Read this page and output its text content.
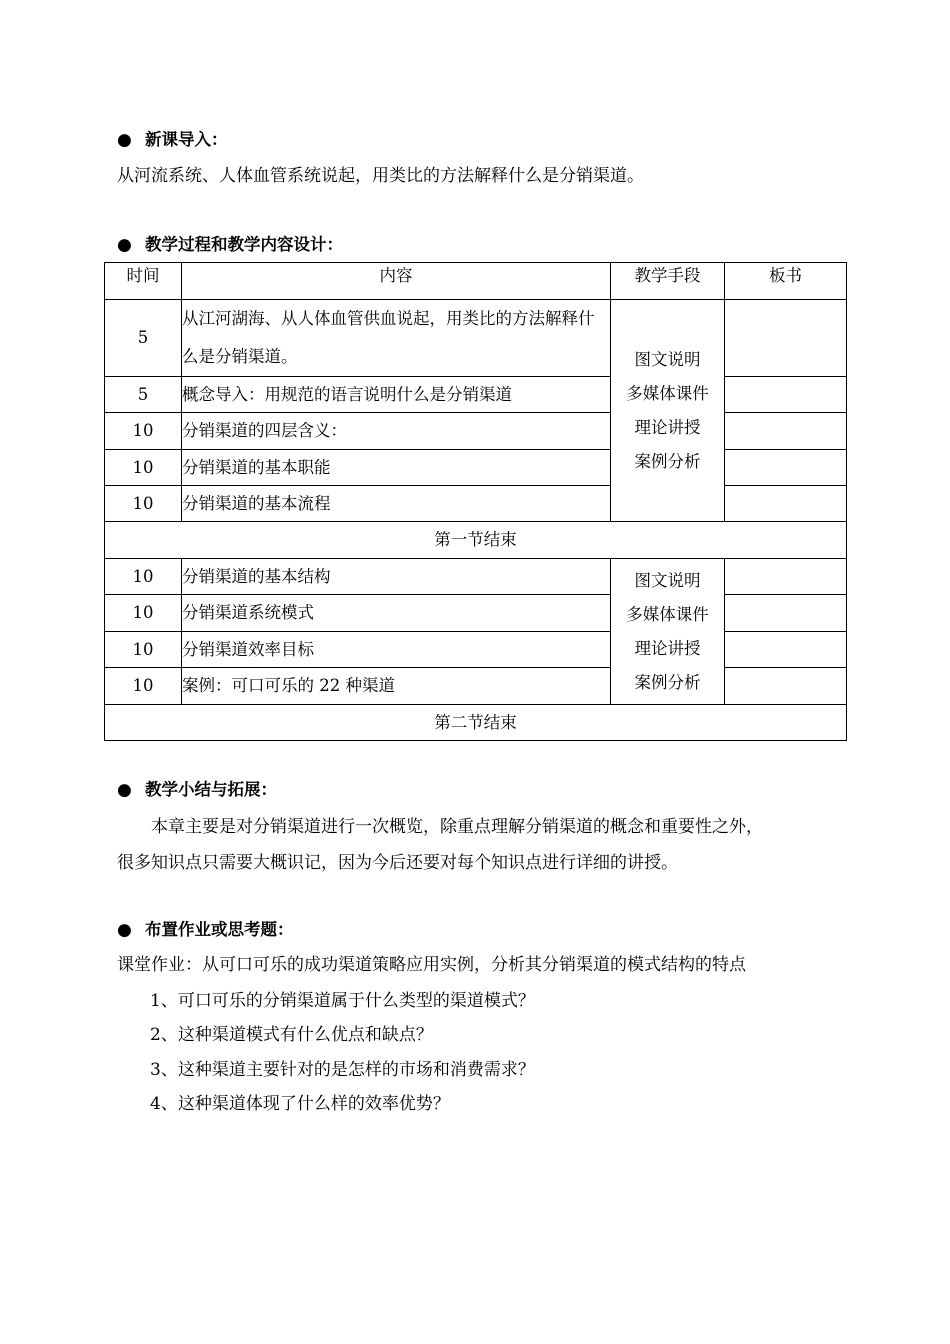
● 新课导入：
从河流系统、人体血管系统说起，用类比的方法解释什么是分销渠道。
● 教学过程和教学内容设计：
时间	内容	教学手段	板书
5	从江河湖海、从人体血管供血说起，用类比的方法解释什么是分销渠道。	图文说明
多媒体课件
理论讲授
案例分析	

5	概念导入：用规范的语言说明什么是分销渠道		
10	分销渠道的四层含义：		
10	分销渠道的基本职能		
10	分销渠道的基本流程		
第一节结束			
10	分销渠道的基本结构	图文说明
多媒体课件
理论讲授
案例分析	

10	分销渠道系统模式		
10	分销渠道效率目标		
10	案例：可口可乐的 22 种渠道		
第二节结束			
● 教学小结与拓展：
本章主要是对分销渠道进行一次概览，除重点理解分销渠道的概念和重要性之外，
很多知识点只需要大概识记，因为今后还要对每个知识点进行详细的讲授。
● 布置作业或思考题：
课堂作业：从可口可乐的成功渠道策略应用实例，分析其分销渠道的模式结构的特点
1、可口可乐的分销渠道属于什么类型的渠道模式？
2、这种渠道模式有什么优点和缺点？
3、这种渠道主要针对的是怎样的市场和消费需求？
4、这种渠道体现了什么样的效率优势？
